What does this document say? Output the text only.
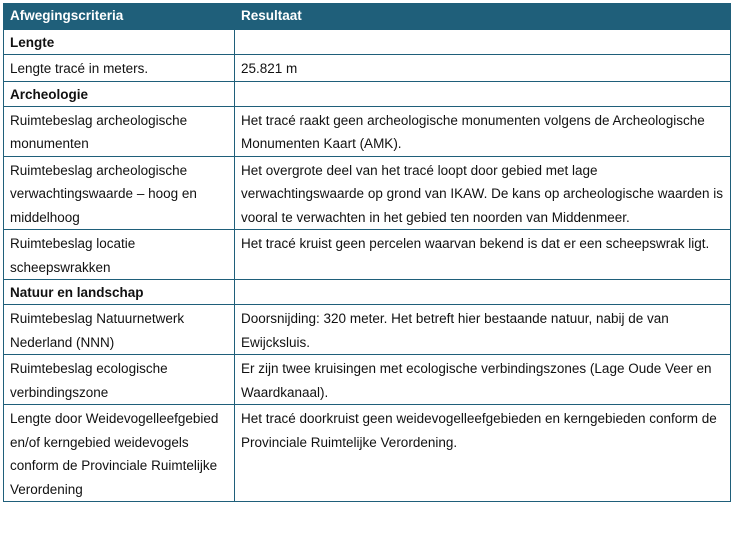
Afwegingscriteria	Resultaat
Lengte	
Lengte tracé in meters.	25.821 m
Archeologie	
Ruimtebeslag archeologische monumenten	Het tracé raakt geen archeologische monumenten volgens de Archeologische Monumenten Kaart (AMK).
Ruimtebeslag archeologische verwachtingswaarde – hoog en middelhoog	Het overgrote deel van het tracé loopt door gebied met lage verwachtingswaarde op grond van IKAW. De kans op archeologische waarden is vooral te verwachten in het gebied ten noorden van Middenmeer.
Ruimtebeslag locatie scheepswrakken	Het tracé kruist geen percelen waarvan bekend is dat er een scheepswrak ligt.
Natuur en landschap	
Ruimtebeslag Natuurnetwerk Nederland (NNN)	Doorsnijding: 320 meter. Het betreft hier bestaande natuur, nabij de van Ewijcksluis.
Ruimtebeslag ecologische verbindingszone	Er zijn twee kruisingen met ecologische verbindingszones (Lage Oude Veer en Waardkanaal).
Lengte door Weidevogelleefgebied en/of kerngebied weidevogels conform de Provinciale Ruimtelijke Verordening	Het tracé doorkruist geen weidevogelleefgebieden en kerngebieden conform de Provinciale Ruimtelijke Verordening.
